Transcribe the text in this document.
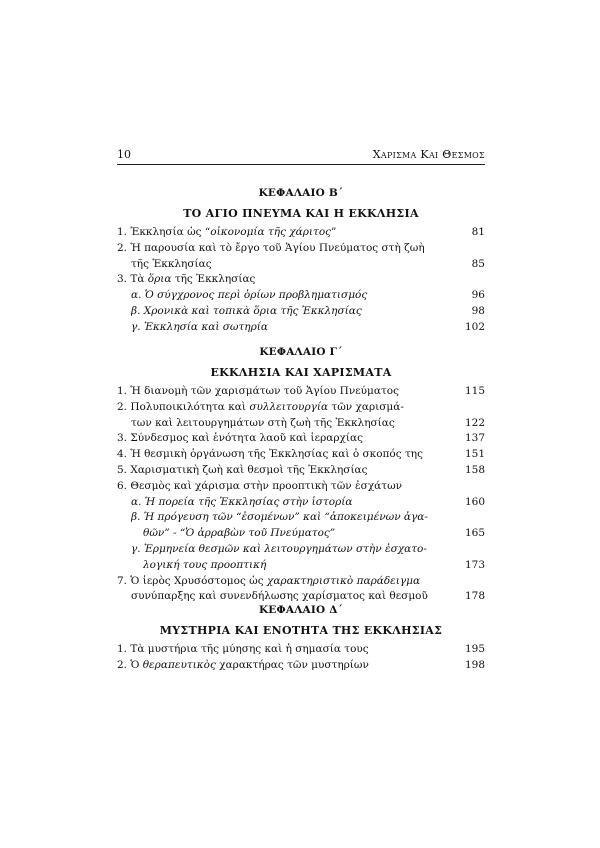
10	Χαρισμα Και Θεσμος
ΚΕΦΑΛΑΙΟ Β΄
ΤΟ ΑΓΙΟ ΠΝΕΥΜΑ ΚΑΙ Η ΕΚΚΛΗΣΙΑ
1. Ἐκκλησία ὡς “οἰκονομία τῆς χάριτος”	81
2. Ἡ παρουσία καὶ τὸ ἔργο τοῦ Ἁγίου Πνεύματος στὴ ζωὴ
τῆς Ἐκκλησίας	85
3. Τὰ ὅρια τῆς Ἐκκλησίας
α. Ὁ σύγχρονος περὶ ὁρίων προβληματισμός	96
β. Χρονικὰ καὶ τοπικὰ ὅρια τῆς Ἐκκλησίας	98
γ. Ἐκκλησία καὶ σωτηρία	102
ΚΕΦΑΛΑΙΟ Γ΄
ΕΚΚΛΗΣΙΑ ΚΑΙ ΧΑΡΙΣΜΑΤΑ
1. Ἡ διανομὴ τῶν χαρισμάτων τοῦ Ἁγίου Πνεύματος	115
2. Πολυποικιλότητα καὶ συλλειτουργία τῶν χαρισμά-
των καὶ λειτουργημάτων στὴ ζωὴ τῆς Ἐκκλησίας	122
3. Σύνδεσμος καὶ ἑνότητα λαοῦ καὶ ἱεραρχίας	137
4. Ἡ θεσμικὴ ὀργάνωση τῆς Ἐκκλησίας καὶ ὁ σκοπός της	151
5. Χαρισματικὴ ζωὴ καὶ θεσμοὶ τῆς Ἐκκλησίας	158
6. Θεσμὸς καὶ χάρισμα στὴν προοπτικὴ τῶν ἐσχάτων
α. Ἡ πορεία τῆς Ἐκκλησίας στὴν ἱστορία	160
β. Ἡ πρόγευση τῶν “ἐσομένων” καὶ “ἀποκειμένων ἀγα-
θῶν” - “Ὁ ἀρραβὼν τοῦ Πνεύματος”	165
γ. Ἑρμηνεία θεσμῶν καὶ λειτουργημάτων στὴν ἐσχατο-
λογική τους προοπτική	173
7. Ὁ ἱερὸς Χρυσόστομος ὡς χαρακτηριστικὸ παράδειγμα
συνύπαρξης καὶ συνενδήλωσης χαρίσματος καὶ θεσμοῦ	178
ΚΕΦΑΛΑΙΟ Δ΄
ΜΥΣΤΗΡΙΑ ΚΑΙ ΕΝΟΤΗΤΑ ΤΗΣ ΕΚΚΛΗΣΙΑΣ
1. Τὰ μυστήρια τῆς μύησης καὶ ἡ σημασία τους	195
2. Ὁ θεραπευτικὸς χαρακτήρας τῶν μυστηρίων	198
